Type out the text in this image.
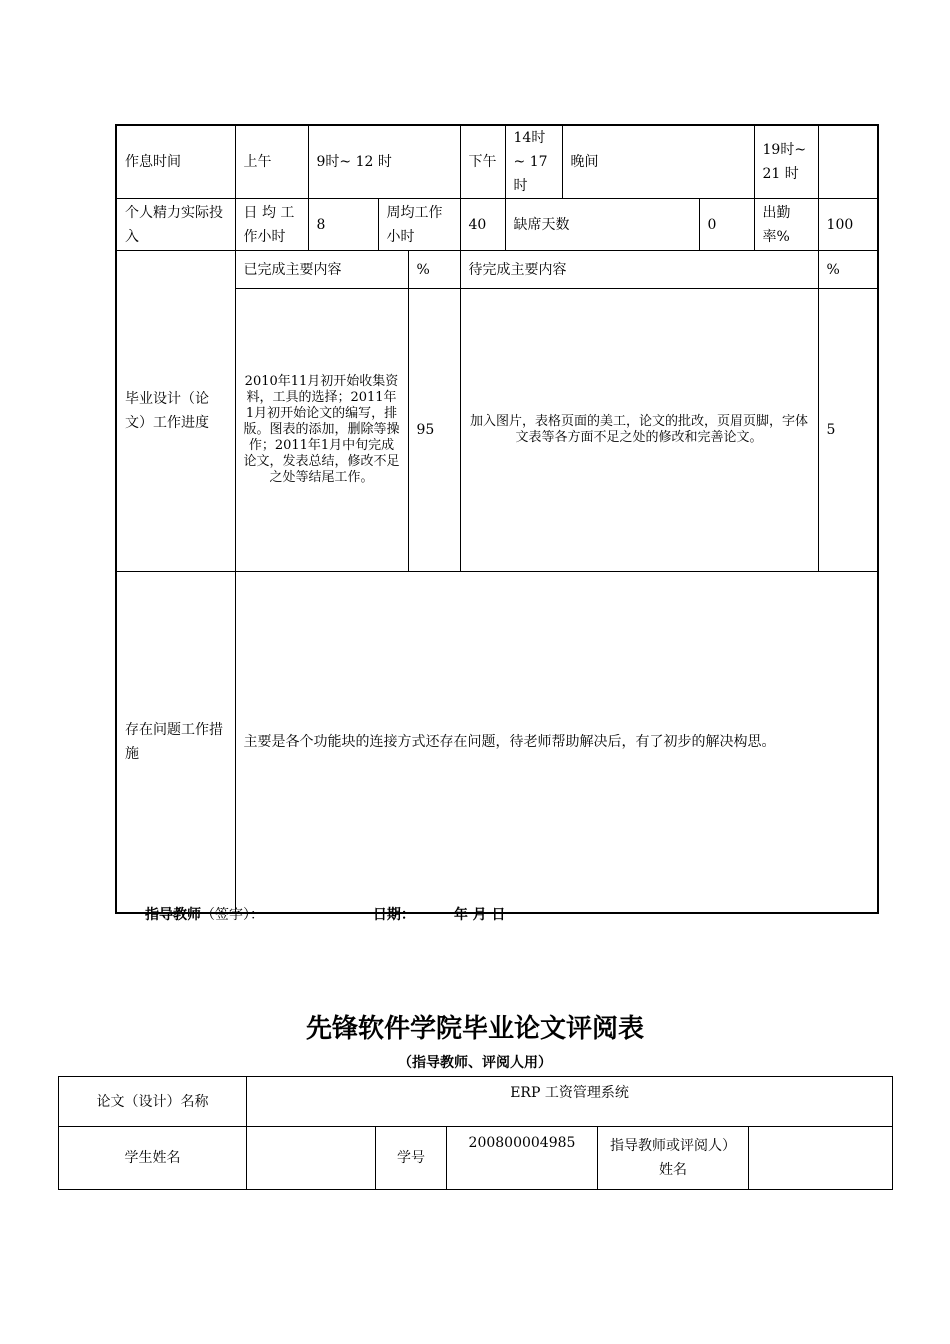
作息时间	上午	9时~ 12 时			下午	14时~ 17 时	晚间		19时~ 21 时	
个人精力实际投入	日 均 工作小时	8	周均工作小时		40	缺席天数		0	出勤率%	100
毕业设计（论文）工作进度	已完成主要内容			%	待完成主要内容					%
	2010年11月初开始收集资料，工具的选择；2011年1月初开始论文的编写，排版。图表的添加，删除等操作；2011年1月中旬完成论文，发表总结，修改不足之处等结尾工作。			95	加入图片，表格页面的美工，论文的批改，页眉页脚，字体文表等各方面不足之处的修改和完善论文。					5
存在问题工作措施	主要是各个功能块的连接方式还存在问题，待老师帮助解决后，有了初步的解决构思。									
指导教师（签字）：	日期：	年 月 日
先锋软件学院毕业论文评阅表
（指导教师、评阅人用）
论文（设计）名称	ERP 工资管理系统				
学生姓名		学号	200800004985	指导教师或评阅人）姓名	
